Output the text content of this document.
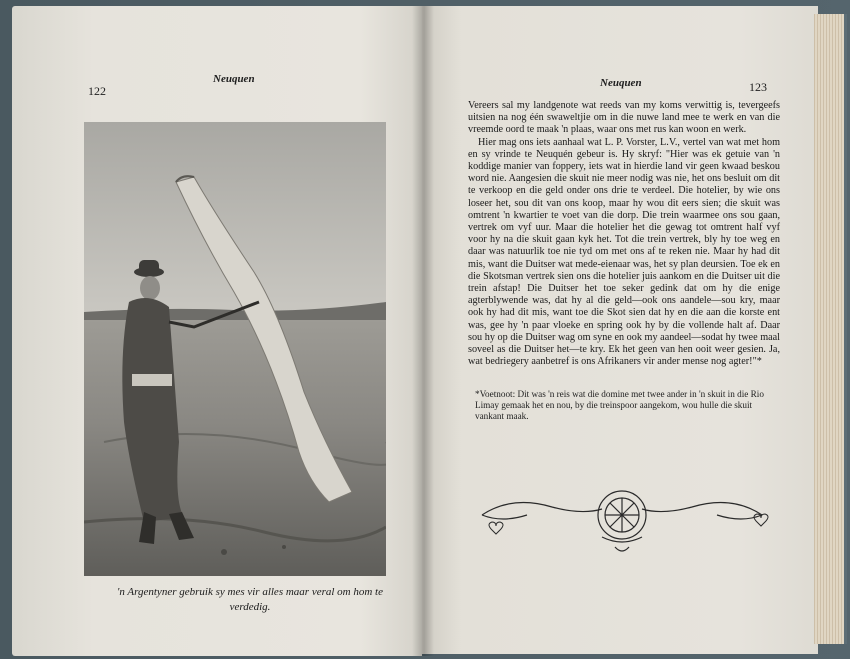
122
Neuquen
'n Argentyner gebruik sy mes vir alles maar veral om hom te verdedig.
Neuquen	123

Vereers sal my landgenote wat reeds van my koms verwittig is, tevergeefs uitsien na nog één swaweltjie om in die nuwe land mee te werk en van die vreemde oord te maak 'n plaas, waar ons met rus kan woon en werk.

Hier mag ons iets aanhaal wat L. P. Vorster, L.V., vertel van wat met hom en sy vrinde te Neuquén gebeur is. Hy skryf: "Hier was ek getuie van 'n koddige manier van foppery, iets wat in hierdie land vir geen kwaad beskou word nie. Aangesien die skuit nie meer nodig was nie, het ons besluit om dit te verkoop en die geld onder ons drie te verdeel. Die hotelier, by wie ons loseer het, sou dit van ons koop, maar hy wou dit eers sien; die skuit was omtrent 'n kwartier te voet van die dorp. Die trein waarmee ons sou gaan, vertrek om vyf uur. Maar die hotelier het die gewag tot omtrent half vyf voor hy na die skuit gaan kyk het. Tot die trein vertrek, bly hy toe weg en daar was natuurlik toe nie tyd om met ons af te reken nie. Maar hy had dit mis, want die Duitser wat mede-eienaar was, het sy plan deursien. Toe ek en die Skotsman vertrek sien ons die hotelier juis aankom en die Duitser uit die trein afstap! Die Duitser het toe seker gedink dat om hy die enige agterblywende was, dat hy al die geld—ook ons aandele—sou kry, maar ook hy had dit mis, want toe die Skot sien dat hy en die aan die korste ent was, gee hy 'n paar vloeke en spring ook hy by die vollende halt af. Daar sou hy op die Duitser wag om syne en ook my aandeel—sodat hy twee maal soveel as die Duitser het—te kry. Ek het geen van hen ooit weer gesien. Ja, wat bedriegery aanbetref is ons Afrikaners vir ander mense nog agter!"*

*Voetnoot: Dit was 'n reis wat die domine met twee ander in 'n skuit in die Rio Limay gemaak het en nou, by die treinspoor aangekom, wou hulle die skuit vankant maak.
